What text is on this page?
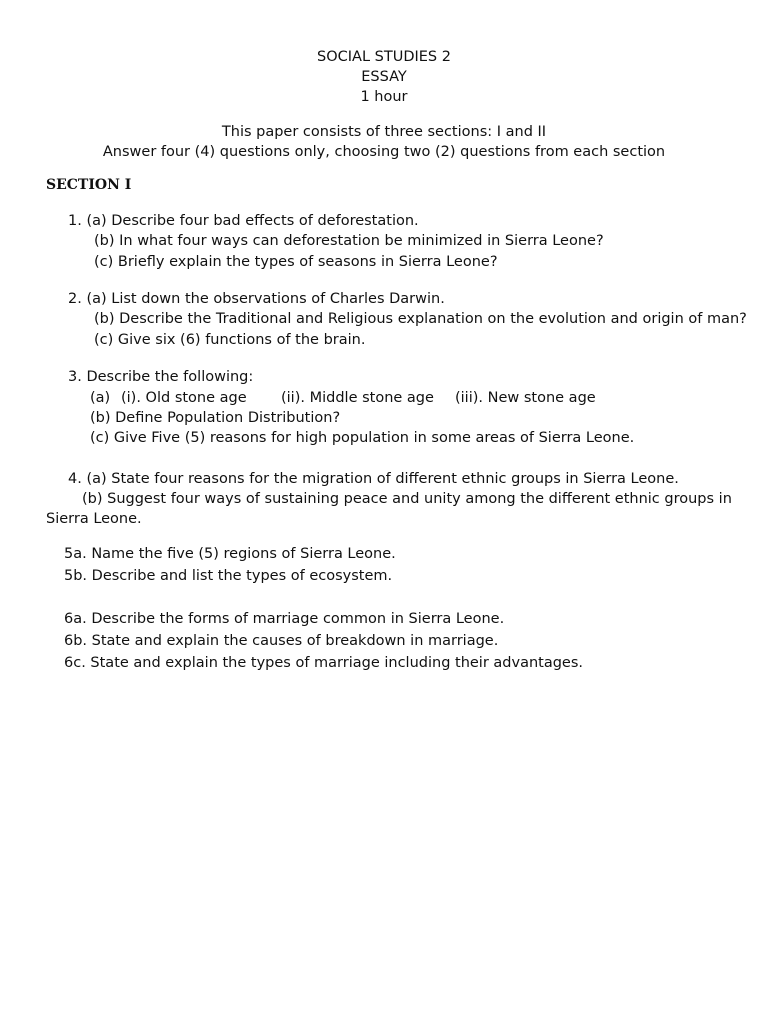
SOCIAL STUDIES 2
ESSAY
1 hour
This paper consists of three sections: I and II
Answer four (4) questions only, choosing two (2) questions from each section
SECTION I
1. (a) Describe four bad effects of deforestation.
(b) In what four ways can deforestation be minimized in Sierra Leone?
(c) Briefly explain the types of seasons in Sierra Leone?
2. (a) List down the observations of Charles Darwin.
(b) Describe the Traditional and Religious explanation on the evolution and origin of man?
(c) Give six (6) functions of the brain.
3. Describe the following:
(a) (i). Old stone age (ii). Middle stone age (iii). New stone age
(b) Define Population Distribution?
(c) Give Five (5) reasons for high population in some areas of Sierra Leone.
4. (a) State four reasons for the migration of different ethnic groups in Sierra Leone.
(b) Suggest four ways of sustaining peace and unity among the different ethnic groups in
Sierra Leone.
5a. Name the five (5) regions of Sierra Leone.
5b. Describe and list the types of ecosystem.
6a. Describe the forms of marriage common in Sierra Leone.
6b. State and explain the causes of breakdown in marriage.
6c. State and explain the types of marriage including their advantages.
